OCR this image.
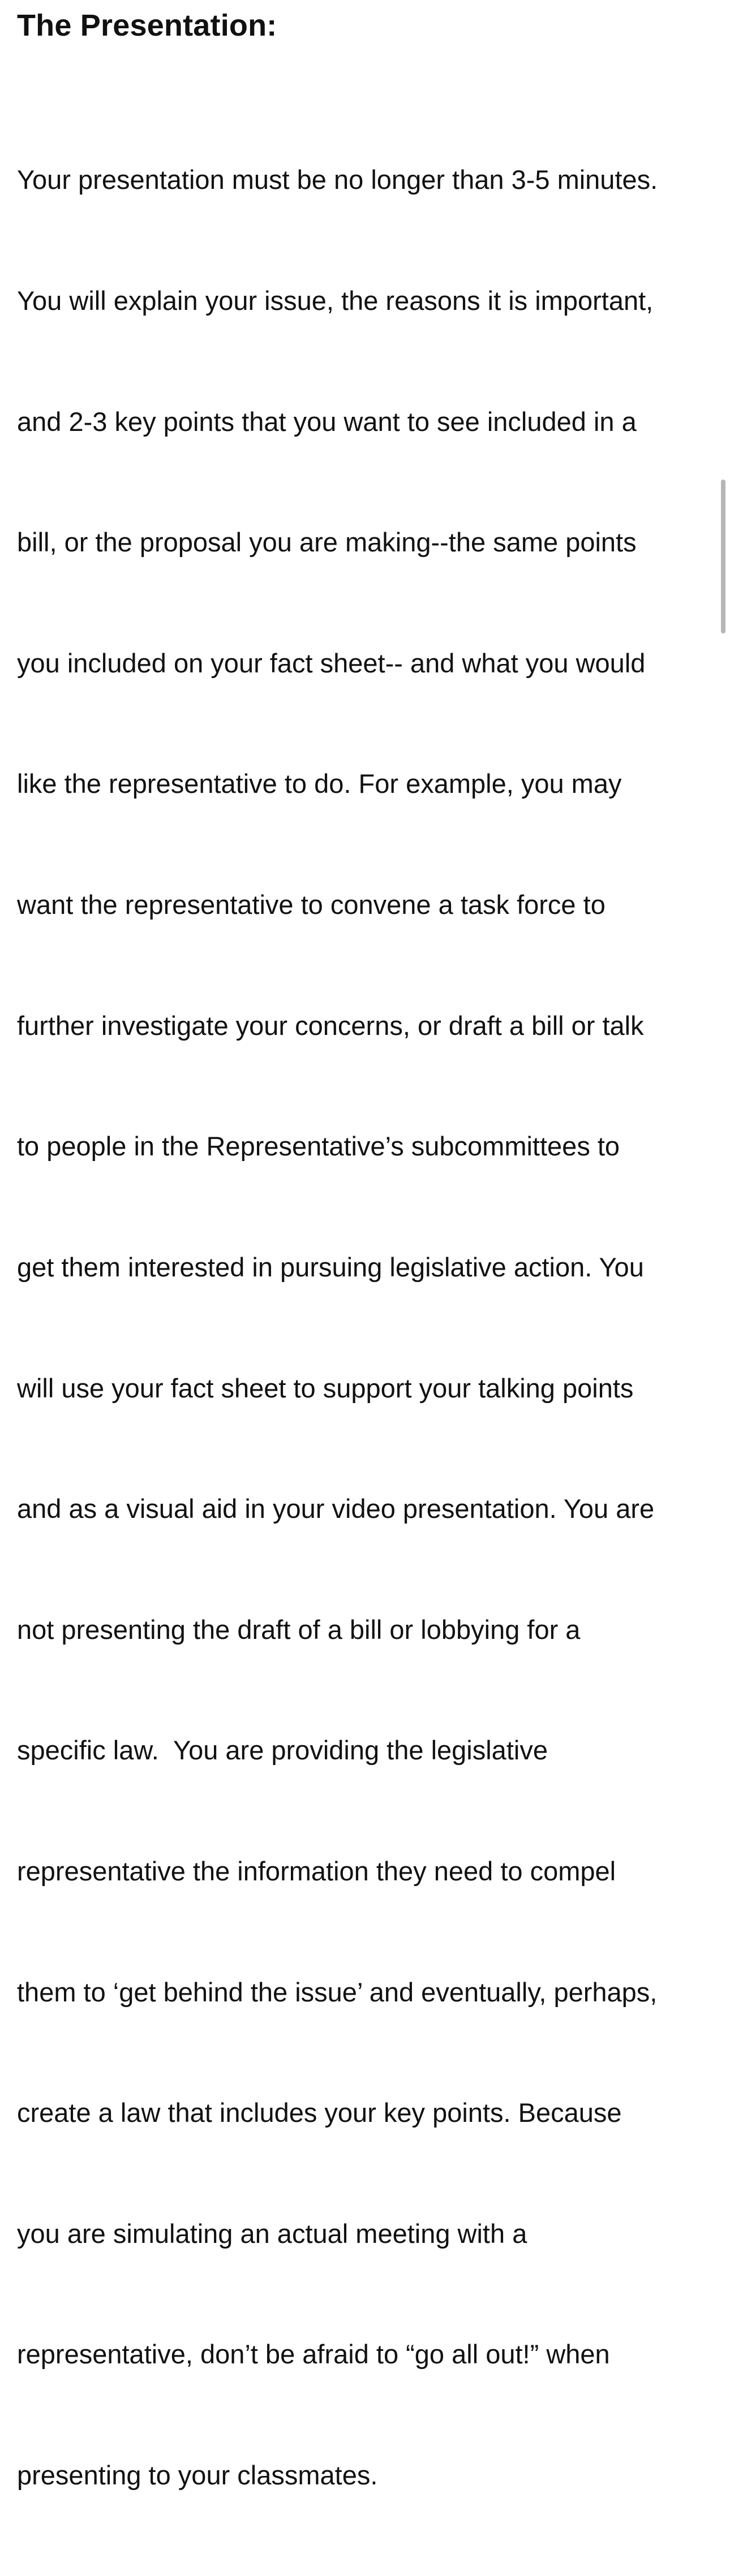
The Presentation:

Your presentation must be no longer than 3-5 minutes.

You will explain your issue, the reasons it is important,

and 2-3 key points that you want to see included in a

bill, or the proposal you are making--the same points

you included on your fact sheet-- and what you would

like the representative to do. For example, you may

want the representative to convene a task force to

further investigate your concerns, or draft a bill or talk

to people in the Representative’s subcommittees to

get them interested in pursuing legislative action. You

will use your fact sheet to support your talking points

and as a visual aid in your video presentation. You are

not presenting the draft of a bill or lobbying for a

specific law.  You are providing the legislative

representative the information they need to compel

them to ‘get behind the issue’ and eventually, perhaps,

create a law that includes your key points. Because

you are simulating an actual meeting with a

representative, don’t be afraid to “go all out!” when

presenting to your classmates.
